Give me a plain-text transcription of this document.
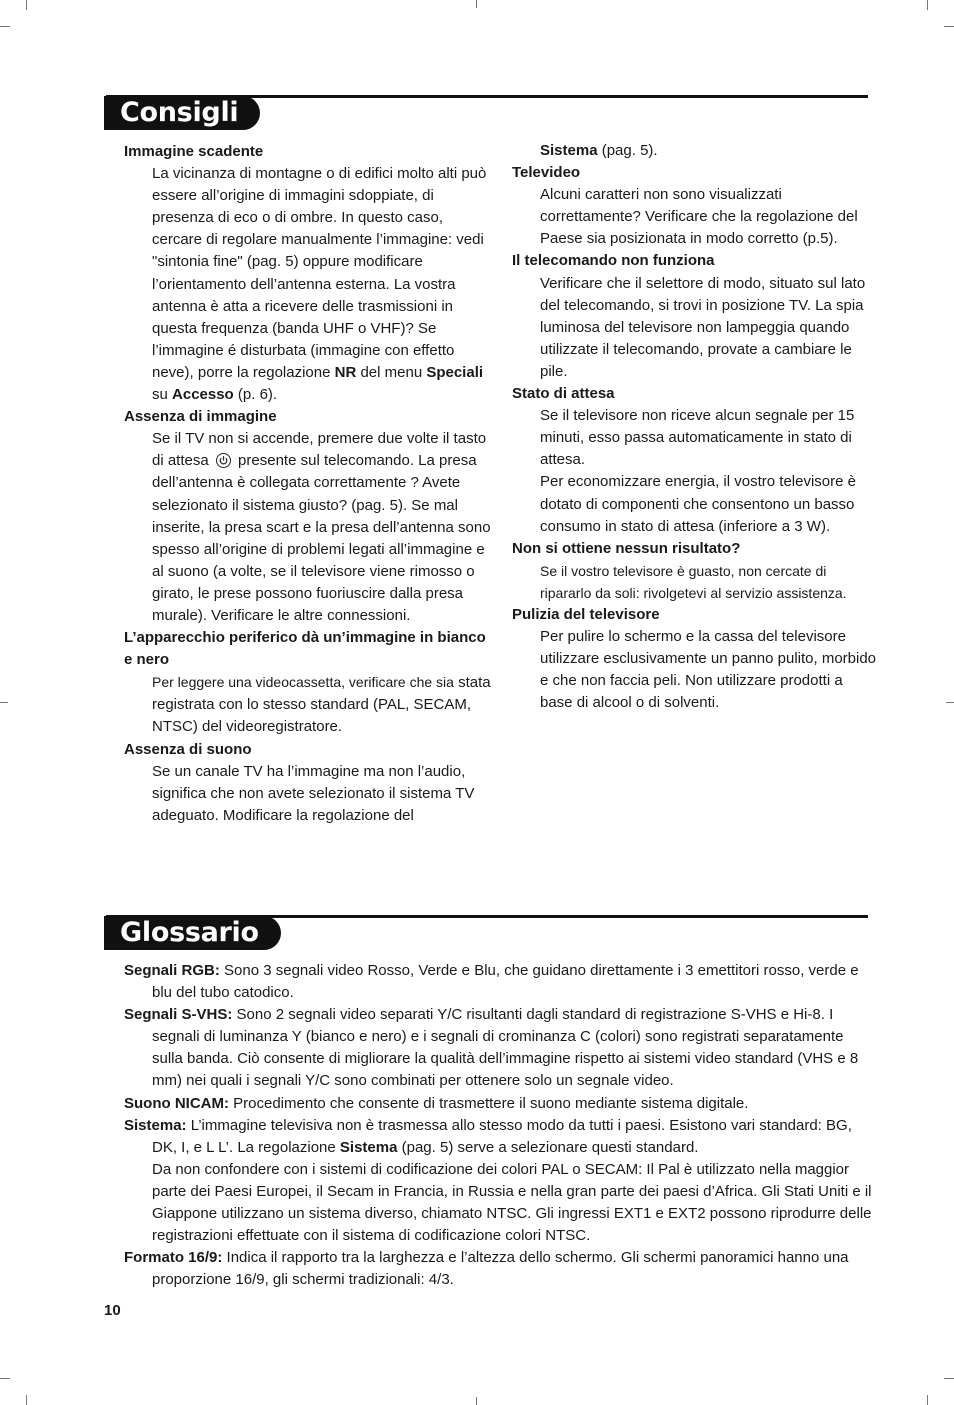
Consigli
Immagine scadente
La vicinanza di montagne o di edifici molto alti può essere all’origine di immagini sdoppiate, di presenza di eco o di ombre. In questo caso, cercare di regolare manualmente l’immagine: vedi "sintonia fine" (pag. 5) oppure modificare l’orientamento dell’antenna esterna. La vostra antenna è atta a ricevere delle trasmissioni in questa frequenza (banda UHF o VHF)? Se l’immagine é disturbata (immagine con effetto neve), porre la regolazione NR del menu Speciali su Accesso (p. 6).
Assenza di immagine
Se il TV non si accende, premere due volte il tasto di attesa
presente sul telecomando. La presa dell’antenna è collegata correttamente ? Avete selezionato il sistema giusto? (pag. 5). Se mal inserite, la presa scart e la presa dell’antenna sono spesso all’origine di problemi legati all’immagine e al suono (a volte, se il televisore viene rimosso o girato, le prese possono fuoriuscire dalla presa murale). Verificare le altre connessioni.
L’apparecchio periferico dà un’immagine in bianco e nero
Per leggere una videocassetta, verificare che sia stata registrata con lo stesso standard (PAL, SECAM, NTSC) del videoregistratore.
Assenza di suono
Se un canale TV ha l’immagine ma non l’audio, significa che non avete selezionato il sistema TV adeguato. Modificare la regolazione del
Sistema (pag. 5).
Televideo
Alcuni caratteri non sono visualizzati correttamente? Verificare che la regolazione del Paese sia posizionata in modo corretto (p.5).
Il telecomando non funziona
Verificare che il selettore di modo, situato sul lato del telecomando, si trovi in posizione TV. La spia luminosa del televisore non lampeggia quando utilizzate il telecomando, provate a cambiare le pile.
Stato di attesa
Se il televisore non riceve alcun segnale per 15 minuti, esso passa automaticamente in stato di attesa.
Per economizzare energia, il vostro televisore è dotato di componenti che consentono un basso consumo in stato di attesa (inferiore a 3 W).
Non si ottiene nessun risultato?
Se il vostro televisore è guasto, non cercate di ripararlo da soli: rivolgetevi al servizio assistenza.
Pulizia del televisore
Per pulire lo schermo e la cassa del televisore utilizzare esclusivamente un panno pulito, morbido e che non faccia peli. Non utilizzare prodotti a base di alcool o di solventi.
Glossario
Segnali RGB: Sono 3 segnali video Rosso, Verde e Blu, che guidano direttamente i 3 emettitori rosso, verde e blu del tubo catodico.
Segnali S-VHS: Sono 2 segnali video separati Y/C risultanti dagli standard di registrazione S-VHS e Hi-8. I segnali di luminanza Y (bianco e nero) e i segnali di crominanza C (colori) sono registrati separatamente sulla banda. Ciò consente di migliorare la qualità dell’immagine rispetto ai sistemi video standard (VHS e 8 mm) nei quali i segnali Y/C sono combinati per ottenere solo un segnale video.
Suono NICAM: Procedimento che consente di trasmettere il suono mediante sistema digitale.
Sistema: L’immagine televisiva non è trasmessa allo stesso modo da tutti i paesi. Esistono vari standard: BG, DK, I, e L L’. La regolazione Sistema (pag. 5) serve a selezionare questi standard.
Da non confondere con i sistemi di codificazione dei colori PAL o SECAM: Il Pal è utilizzato nella maggior parte dei Paesi Europei, il Secam in Francia, in Russia e nella gran parte dei paesi d’Africa. Gli Stati Uniti e il Giappone utilizzano un sistema diverso, chiamato NTSC. Gli ingressi EXT1 e EXT2 possono riprodurre delle registrazioni effettuate con il sistema di codificazione colori NTSC.
Formato 16/9: Indica il rapporto tra la larghezza e l’altezza dello schermo. Gli schermi panoramici hanno una proporzione 16/9, gli schermi tradizionali: 4/3.
10
